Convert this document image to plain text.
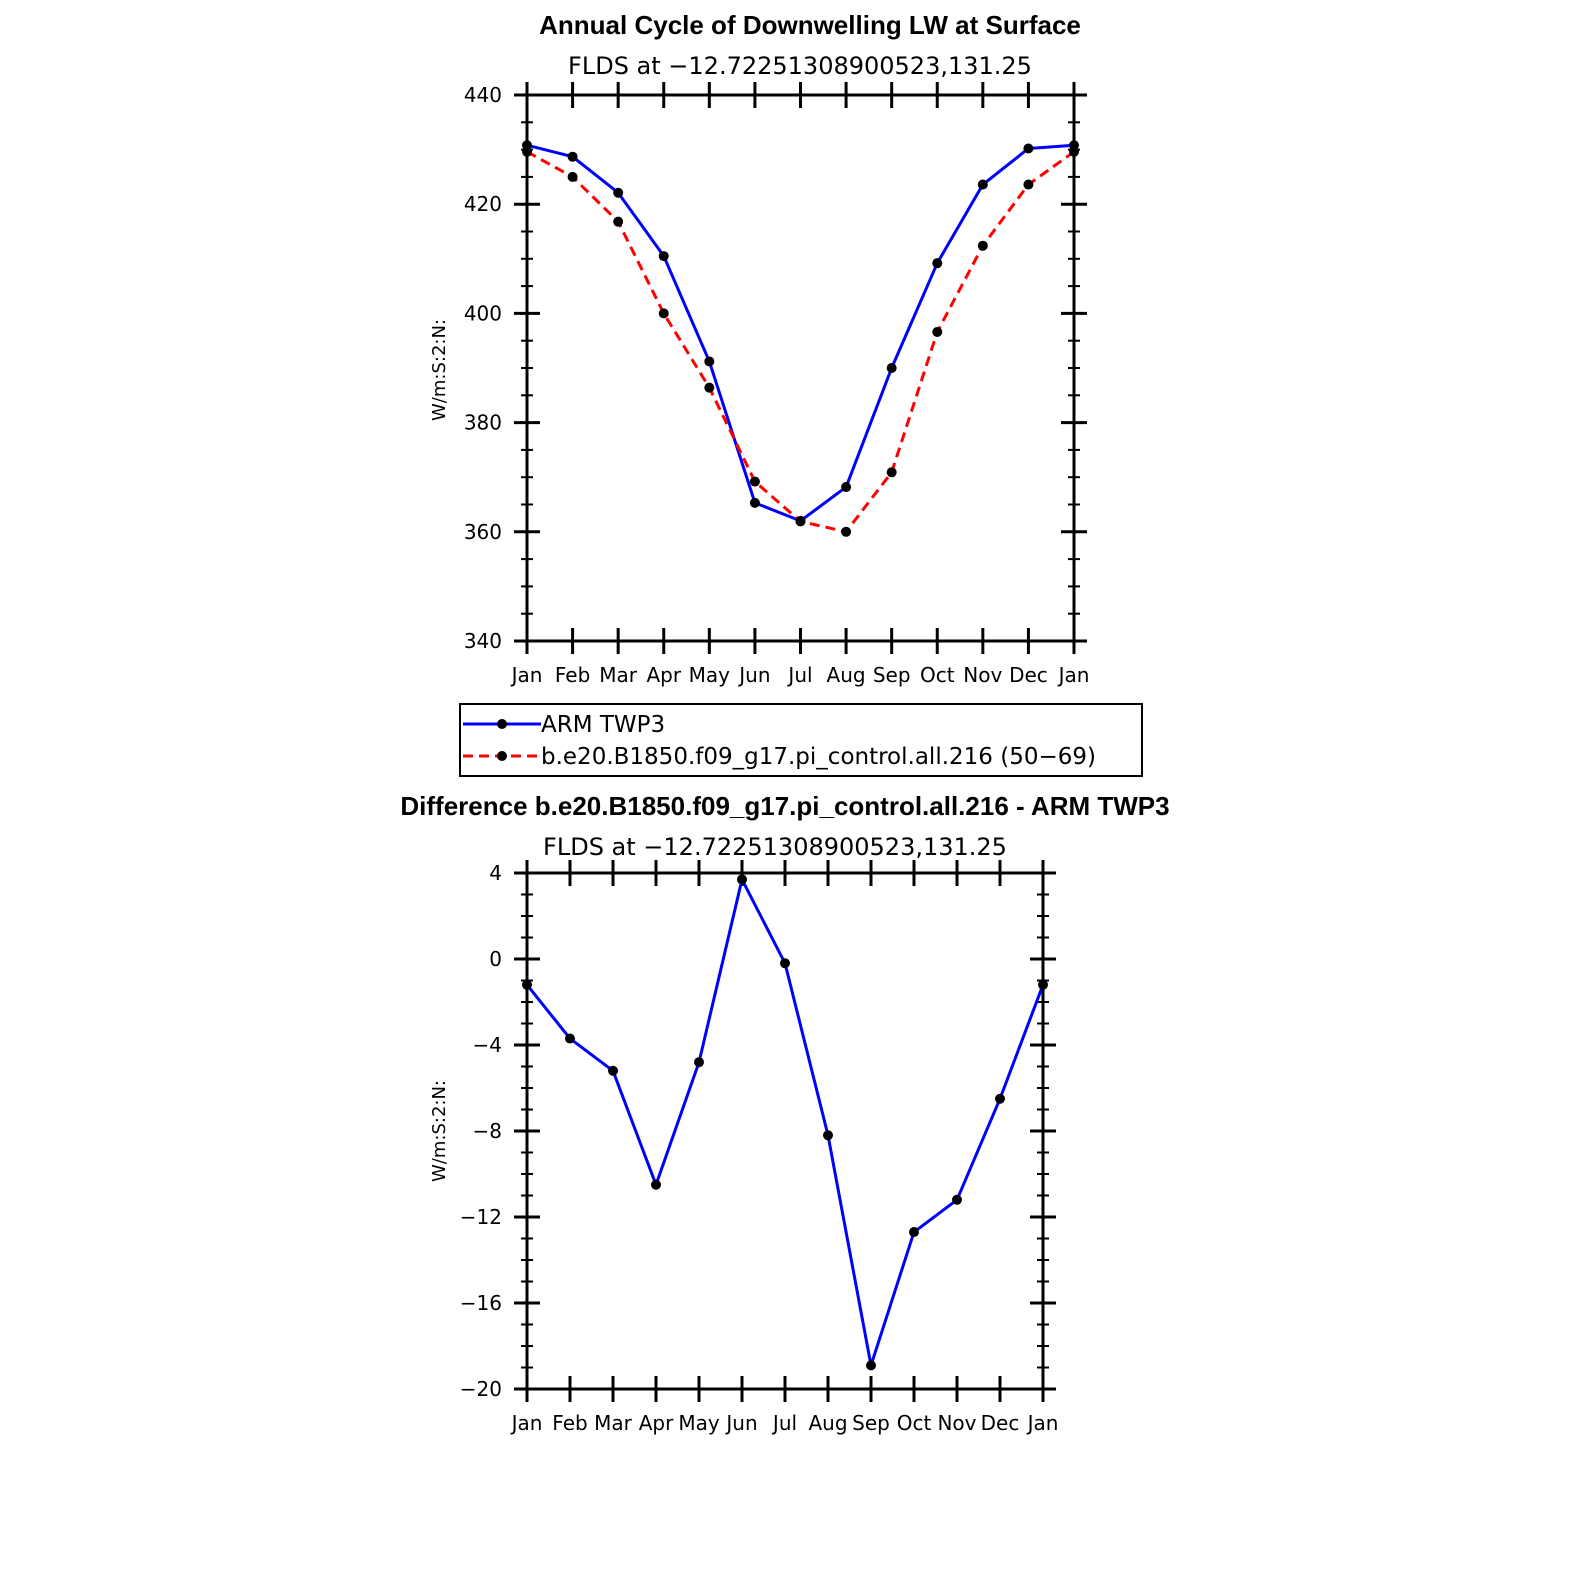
Annual Cycle of Downwelling LW at Surface
FLDS at −12.72251308900523,131.25
W/m:S:2:N:
Jan Feb Mar Apr May Jun Jul Aug Sep Oct Nov Dec Jan
340
360
380
400
420
440
ARM TWP3
b.e20.B1850.f09_g17.pi_control.all.216 (50−69)
Difference b.e20.B1850.f09_g17.pi_control.all.216 - ARM TWP3
FLDS at −12.72251308900523,131.25
W/m:S:2:N:
Jan Feb Mar Apr May Jun Jul Aug Sep Oct Nov Dec Jan
−20
−16
−12
−8
−4
0
4
